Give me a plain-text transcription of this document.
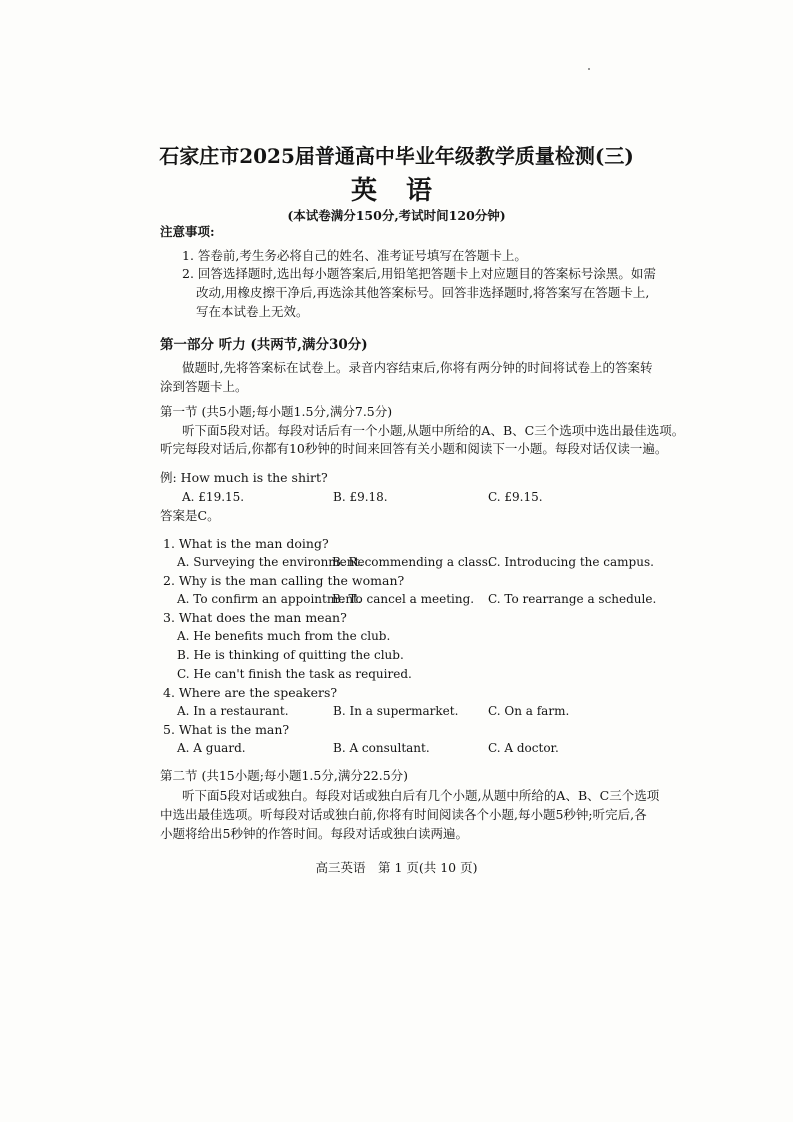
石家庄市2025届普通高中毕业年级教学质量检测(三)
英 语
(本试卷满分150分,考试时间120分钟)
注意事项:
1. 答卷前,考生务必将自己的姓名、准考证号填写在答题卡上。
2. 回答选择题时,选出每小题答案后,用铅笔把答题卡上对应题目的答案标号涂黑。如需
改动,用橡皮擦干净后,再选涂其他答案标号。回答非选择题时,将答案写在答题卡上,
写在本试卷上无效。
第一部分 听力 (共两节,满分30分)
做题时,先将答案标在试卷上。录音内容结束后,你将有两分钟的时间将试卷上的答案转
涂到答题卡上。
第一节 (共5小题;每小题1.5分,满分7.5分)
听下面5段对话。每段对话后有一个小题,从题中所给的A、B、C三个选项中选出最佳选项。
听完每段对话后,你都有10秒钟的时间来回答有关小题和阅读下一小题。每段对话仅读一遍。
例: How much is the shirt?
A. £19.15.	B. £9.18.	C. £9.15.
答案是C。
1. What is the man doing?
A. Surveying the environment.
B. Recommending a class.
C. Introducing the campus.
2. Why is the man calling the woman?
A. To confirm an appointment.
B. To cancel a meeting. C. To rearrange a schedule.
3. What does the man mean?
A. He benefits much from the club.
B. He is thinking of quitting the club.
C. He can't finish the task as required.
4. Where are the speakers?
A. In a restaurant.	B. In a supermarket. C. On a farm.
5. What is the man?
A. A guard.	B. A consultant.	C. A doctor.
第二节 (共15小题;每小题1.5分,满分22.5分)
听下面5段对话或独白。每段对话或独白后有几个小题,从题中所给的A、B、C三个选项
中选出最佳选项。听每段对话或独白前,你将有时间阅读各个小题,每小题5秒钟;听完后,各
小题将给出5秒钟的作答时间。每段对话或独白读两遍。
高三英语　第 1 页(共 10 页)
